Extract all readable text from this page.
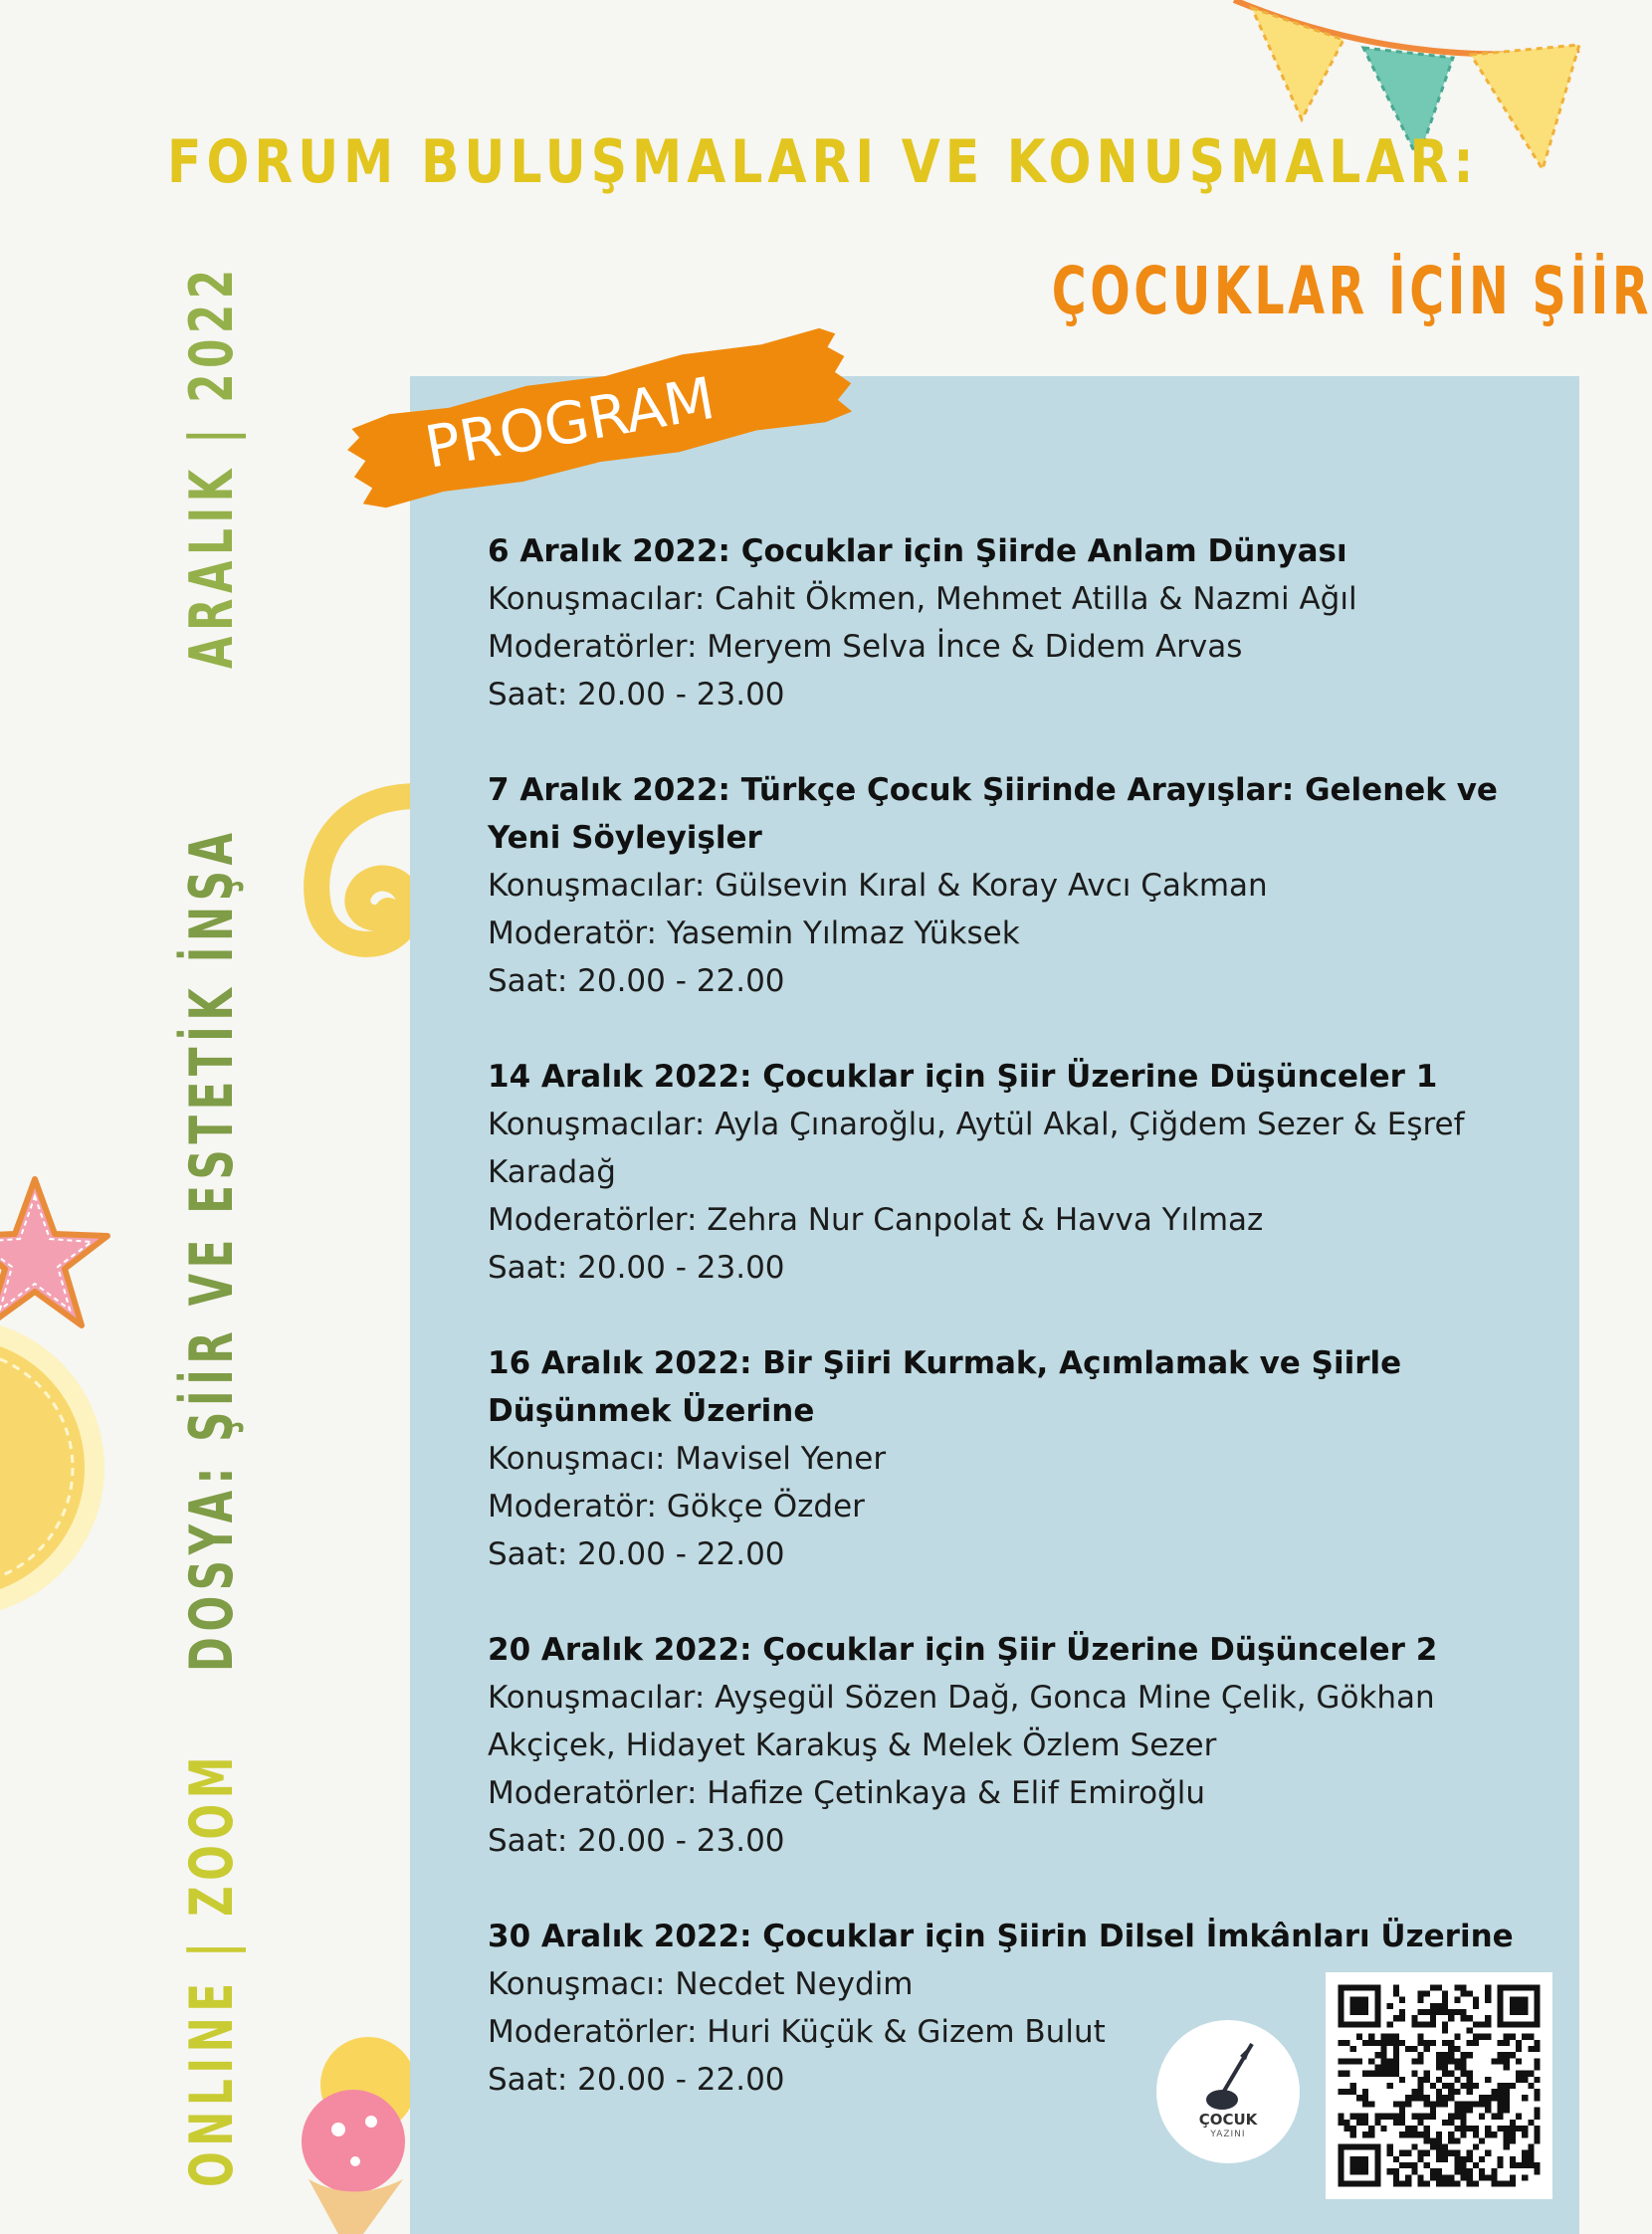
FORUM BULUŞMALARI VE KONUŞMALAR:
ÇOCUKLAR İÇİN ŞİİR
ARALIK | 2022
DOSYA: ŞİİR VE ESTETİK İNŞA
ONLINE | ZOOM
PROGRAM

6 Aralık 2022: Çocuklar için Şiirde Anlam Dünyası

Konuşmacılar: Cahit Ökmen, Mehmet Atilla & Nazmi Ağıl

Moderatörler: Meryem Selva İnce & Didem Arvas

Saat: 20.00 - 23.00

7 Aralık 2022: Türkçe Çocuk Şiirinde Arayışlar: Gelenek ve Yeni Söyleyişler

Konuşmacılar: Gülsevin Kıral & Koray Avcı Çakman

Moderatör: Yasemin Yılmaz Yüksek

Saat: 20.00 - 22.00

14 Aralık 2022: Çocuklar için Şiir Üzerine Düşünceler 1

Konuşmacılar: Ayla Çınaroğlu, Aytül Akal, Çiğdem Sezer & Eşref Karadağ

Moderatörler: Zehra Nur Canpolat & Havva Yılmaz

Saat: 20.00 - 23.00

16 Aralık 2022: Bir Şiiri Kurmak, Açımlamak ve Şiirle Düşünmek Üzerine

Konuşmacı: Mavisel Yener

Moderatör: Gökçe Özder

Saat: 20.00 - 22.00

20 Aralık 2022: Çocuklar için Şiir Üzerine Düşünceler 2

Konuşmacılar: Ayşegül Sözen Dağ, Gonca Mine Çelik, Gökhan Akçiçek, Hidayet Karakuş & Melek Özlem Sezer

Moderatörler: Hafize Çetinkaya & Elif Emiroğlu

Saat: 20.00 - 23.00

30 Aralık 2022: Çocuklar için Şiirin Dilsel İmkânları Üzerine

Konuşmacı: Necdet Neydim

Moderatörler: Huri Küçük & Gizem Bulut

Saat: 20.00 - 22.00

ÇOCUK
YAZINI
